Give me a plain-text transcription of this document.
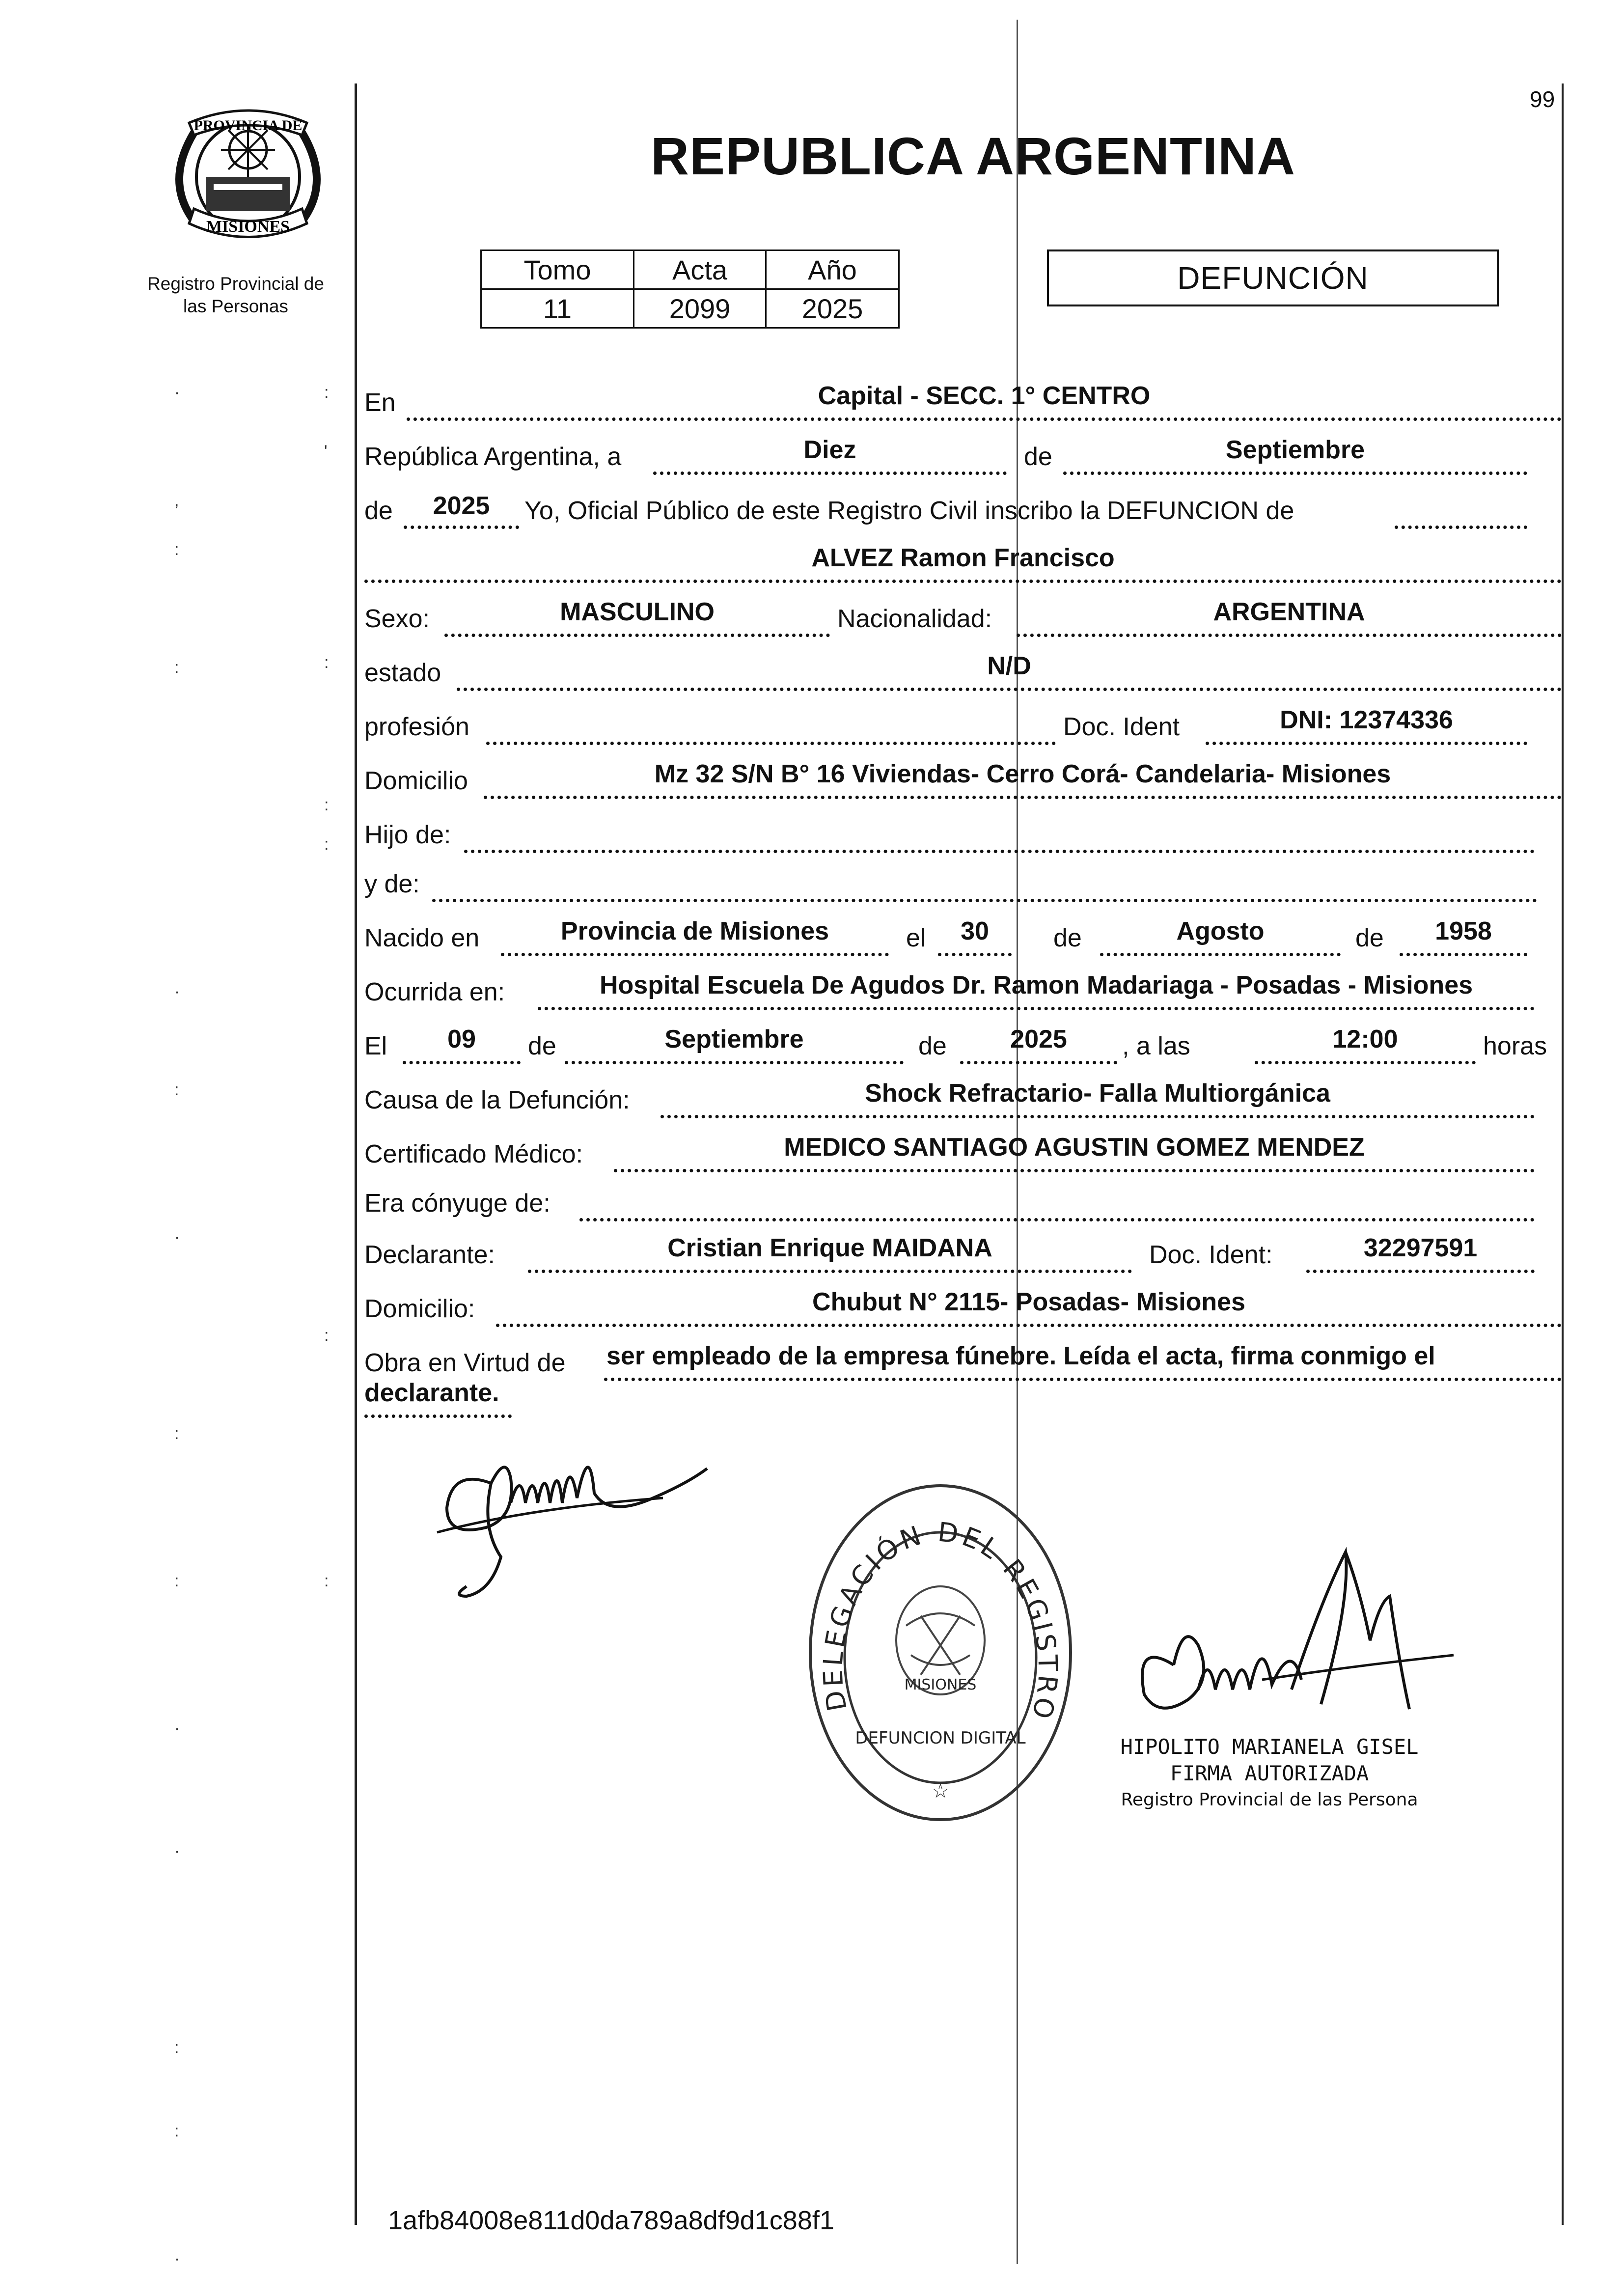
·	:
'
,
:
:	:
:
:
·
:
·
:
:
:	:
·
·
:
:
·
PROVINCIA DE
MISIONES
Registro Provincial de
las Personas
99
REPUBLICA ARGENTINA
Tomo	Acta	Año
11	2099	2025
DEFUNCIÓN
En	Capital - SECC. 1° CENTRO
República Argentina, a	Diez	de	Septiembre
de	2025	Yo, Oficial Público de este Registro Civil inscribo la DEFUNCION de
ALVEZ Ramon Francisco
Sexo:	MASCULINO	Nacionalidad:	ARGENTINA
estado	N/D
profesión	Doc. Ident	DNI: 12374336
Domicilio	Mz 32 S/N B° 16 Viviendas- Cerro Corá- Candelaria- Misiones
Hijo de:
y de:
Nacido en	Provincia de Misiones	el	30	de	Agosto	de	1958
Ocurrida en:	Hospital Escuela De Agudos Dr. Ramon Madariaga - Posadas - Misiones
El	09	de	Septiembre	de	2025	, a las	12:00	horas
Causa de la Defunción:	Shock Refractario- Falla Multiorgánica
Certificado Médico:	MEDICO SANTIAGO AGUSTIN GOMEZ MENDEZ
Era cónyuge de:
Declarante:	Cristian Enrique MAIDANA	Doc. Ident:	32297591
Domicilio:	Chubut N° 2115- Posadas- Misiones
Obra en Virtud de ser empleado de la empresa fúnebre. Leída el acta, firma conmigo el
declarante.
DELEGACIÓN DEL REGISTRO DE LAS PERSONAS
MISIONES
DEFUNCION DIGITAL
☆
HIPOLITO MARIANELA GISEL
FIRMA AUTORIZADA
Registro Provincial de las Persona
1afb84008e811d0da789a8df9d1c88f1
